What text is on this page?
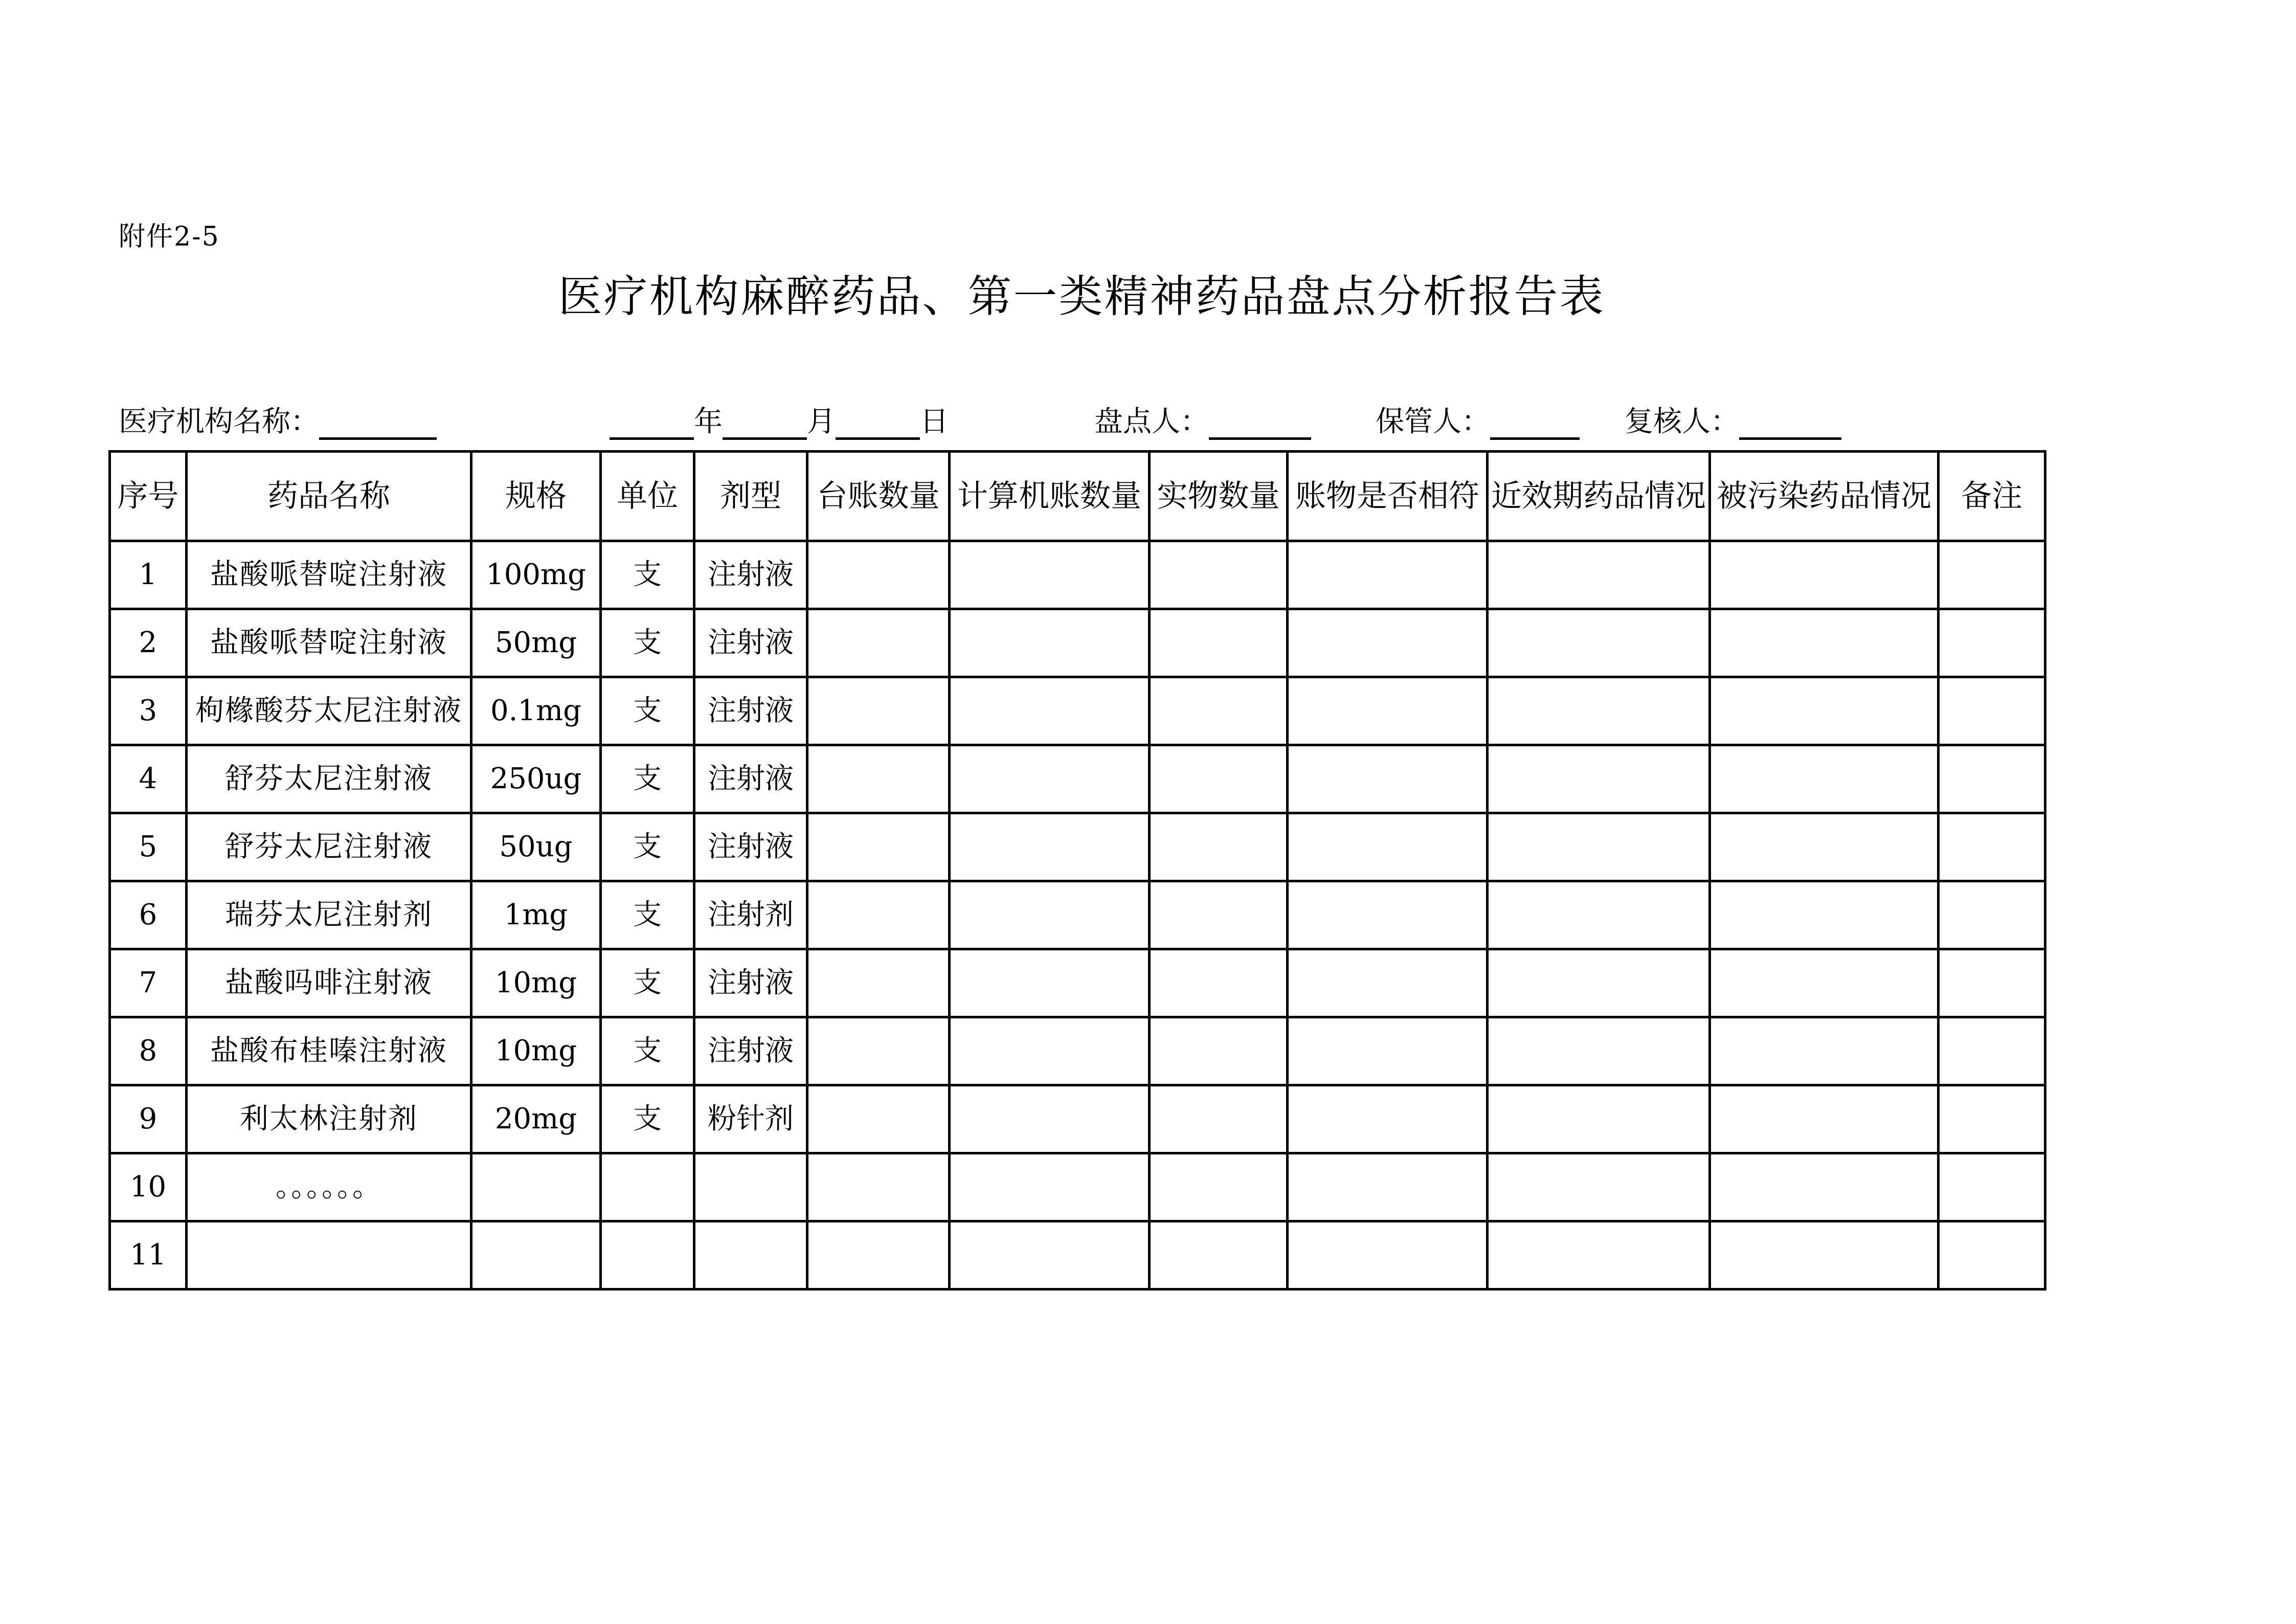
附件2-5
医疗机构麻醉药品、第一类精神药品盘点分析报告表
医疗机构名称：	年	月	日	盘点人：	保管人：	复核人：
序号	药品名称	规格	单位	剂型	台账数量	计算机账数量	实物数量	账物是否相符	近效期药品情况	被污染药品情况	备注
1	盐酸哌替啶注射液	100mg	支	注射液							
2	盐酸哌替啶注射液	50mg	支	注射液							
3	枸橼酸芬太尼注射液	0.1mg	支	注射液							
4	舒芬太尼注射液	250ug	支	注射液							
5	舒芬太尼注射液	50ug	支	注射液							
6	瑞芬太尼注射剂	1mg	支	注射剂							
7	盐酸吗啡注射液	10mg	支	注射液							
8	盐酸布桂嗪注射液	10mg	支	注射液							
9	利太林注射剂	20mg	支	粉针剂							
10	。。。。。。										
11											
